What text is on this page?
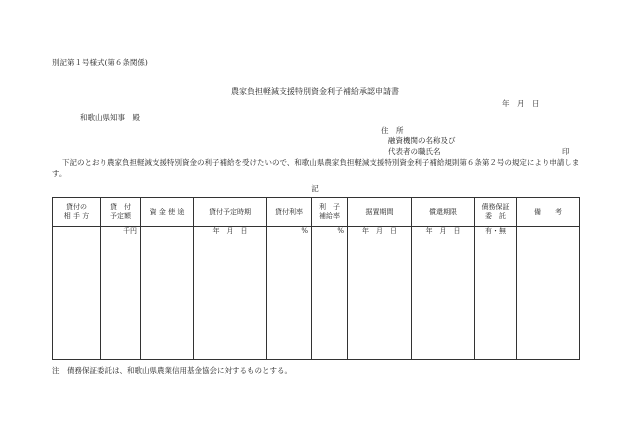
別記第１号様式(第６条関係)
農家負担軽減支援特別資金利子補給承認申請書
年　月　日
和歌山県知事　殿
住　所
融資機関の名称及び
代表者の職氏名	印
下記のとおり農家負担軽減支援特別資金の利子補給を受けたいので、和歌山県農家負担軽減支援特別資金利子補給規則第６条第２号の規定により申請します。
記
貸付の
相 手 方	貸　付
予定額	資 金 使 途	貸付予定時期	貸付利率	利　子
補給率	据置期間	償還期限	債務保証
委　託	備　　考
	千円		年　月　日	%	%	年　月　日	年　月　日	有・無	

注　債務保証委託は、和歌山県農業信用基金協会に対するものとする。
